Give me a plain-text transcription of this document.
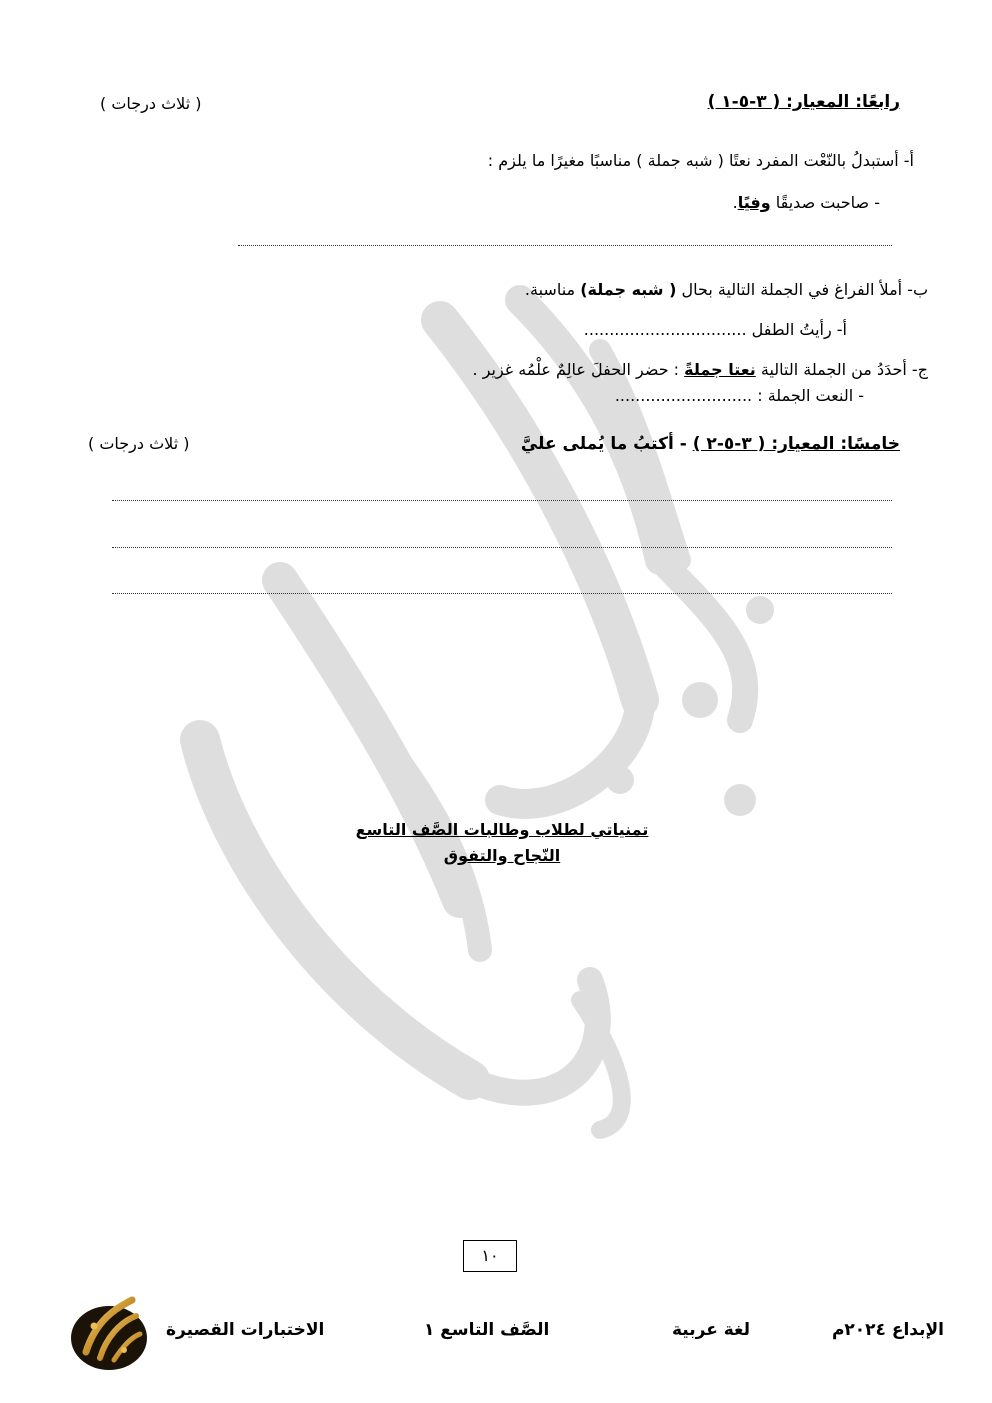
رابعًا: المعيار: ( ٣-٥-١ )
( ثلاث درجات )
أ- أستبدلُ بالنّعْت المفرد نعتًا ( شبه جملة ) مناسبًا مغيرًا ما يلزم :
- صاحبت صديقًا وفيًا.
ب- أملأ الفراغ في الجملة التالية بحال ( شبه جملة) مناسبة.
أ- رأيتُ الطفل ................................
ج- أحدَدُ من الجملة التالية نعتا جملةً : حضر الحفلَ عالِمٌ علْمُه غزير .
- النعت الجملة : ...........................
خامسًا: المعيار: ( ٣-٥-٢ ) - أكتبُ ما يُملى عليَّ
( ثلاث درجات )
تمنياتي لطلاب وطالبات الصَّف التاسع
النّجاح والتفوق
١٠
الإبداع ٢٠٢٤م
لغة عربية
الصَّف التاسع ١
الاختبارات القصيرة
